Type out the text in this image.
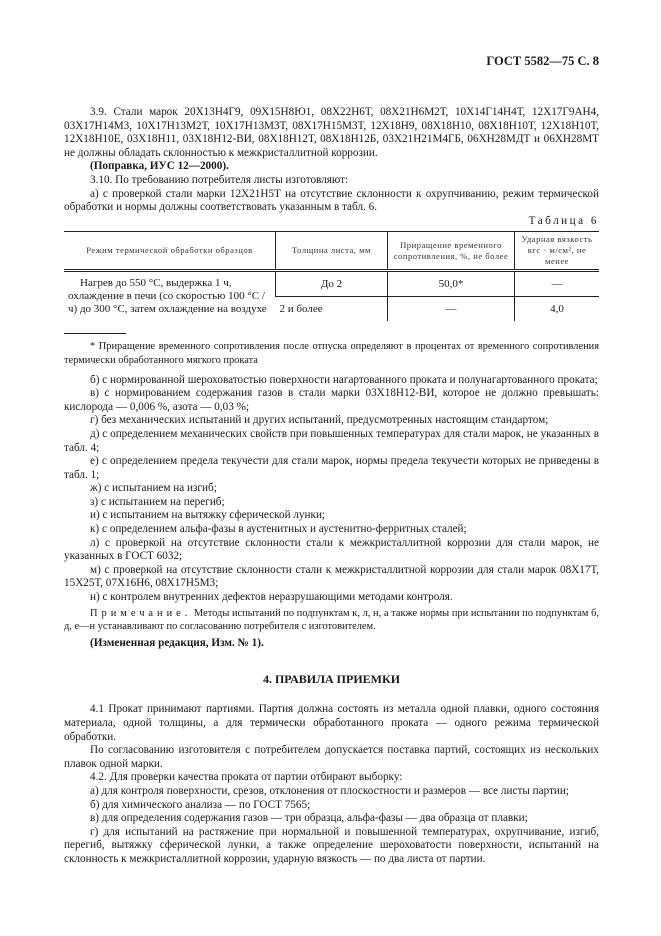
ГОСТ 5582—75 С. 8

3.9. Стали марок 20Х13Н4Г9, 09Х15Н8Ю1, 08Х22Н6Т, 08Х21Н6М2Т, 10Х14Г14Н4Т, 12Х17Г9АН4, 03Х17Н14М3, 10Х17Н13М2Т, 10Х17Н13М3Т, 08Х17Н15М3Т, 12Х18Н9, 08Х18Н10, 08Х18Н10Т, 12Х18Н10Т, 12Х18Н10Е, 03Х18Н11, 03Х18Н12-ВИ, 08Х18Н12Т, 08Х18Н12Б, 03Х21Н21М4ГБ, 06ХН28МДТ и 06ХН28МТ не должны обладать склонностью к межкристаллитной коррозии.

(Поправка, ИУС 12—2000).

3.10. По требованию потребителя листы изготовляют:

а) с проверкой стали марки 12Х21Н5Т на отсутствие склонности к охрупчиванию, режим термической обработки и нормы должны соответствовать указанным в табл. 6.

Таблица 6

Режим термической обработки образцов	Толщина листа, мм	Приращение временного сопротивления, %, не более	Ударная вязкость кгс · м/см², не менее
Нагрев до 550 °С, выдержка 1 ч, охлаждение в печи (со скоростью 100 °С /ч) до 300 °С, затем охлаждение на воздухе	До 2	50,0*	—
	2 и более	—	4,0

* Приращение временного сопротивления после отпуска определяют в процентах от временного сопротивления термически обработанного мягкого проката

б) с нормированной шероховатостью поверхности нагартованного проката и полунагартованного проката;

в) с нормированием содержания газов в стали марки 03Х18Н12-ВИ, которое не должно превышать: кислорода — 0,006 %, азота — 0,03 %;

г) без механических испытаний и других испытаний, предусмотренных настоящим стандартом;

д) с определением механических свойств при повышенных температурах для стали марок, не указанных в табл. 4;

е) с определением предела текучести для стали марок, нормы предела текучести которых не приведены в табл. 1;

ж) с испытанием на изгиб;

з) с испытанием на перегиб;

и) с испытанием на вытяжку сферической лунки;

к) с определением альфа-фазы в аустенитных и аустенитно-ферритных сталей;

л) с проверкой на отсутствие склонности стали к межкристаллитной коррозии для стали марок, не указанных в ГОСТ 6032;

м) с проверкой на отсутствие склонности стали к межкристаллитной коррозии для стали марок 08Х17Т, 15Х25Т, 07Х16Н6, 08Х17Н5М3;

н) с контролем внутренних дефектов неразрушающими методами контроля.

Примечание. Методы испытаний по подпунктам к, л, н, а также нормы при испытании по подпунктам б, д, е—н устанавливают по согласованию потребителя с изготовителем.

(Измененная редакция, Изм. № 1).

4. ПРАВИЛА ПРИЕМКИ

4.1 Прокат принимают партиями. Партия должна состоять из металла одной плавки, одного состояния материала, одной толщины, а для термически обработанного проката — одного режима термической обработки.

По согласованию изготовителя с потребителем допускается поставка партий, состоящих из нескольких плавок одной марки.

4.2. Для проверки качества проката от партии отбирают выборку:

а) для контроля поверхности, срезов, отклонения от плоскостности и размеров — все листы партии;

б) для химического анализа — по ГОСТ 7565;

в) для определения содержания газов — три образца, альфа-фазы — два образца от плавки;

г) для испытаний на растяжение при нормальной и повышенной температурах, охрупчивание, изгиб, перегиб, вытяжку сферической лунки, а также определение шероховатости поверхности, испытаний на склонность к межкристаллитной коррозии, ударную вязкость — по два листа от партии.
